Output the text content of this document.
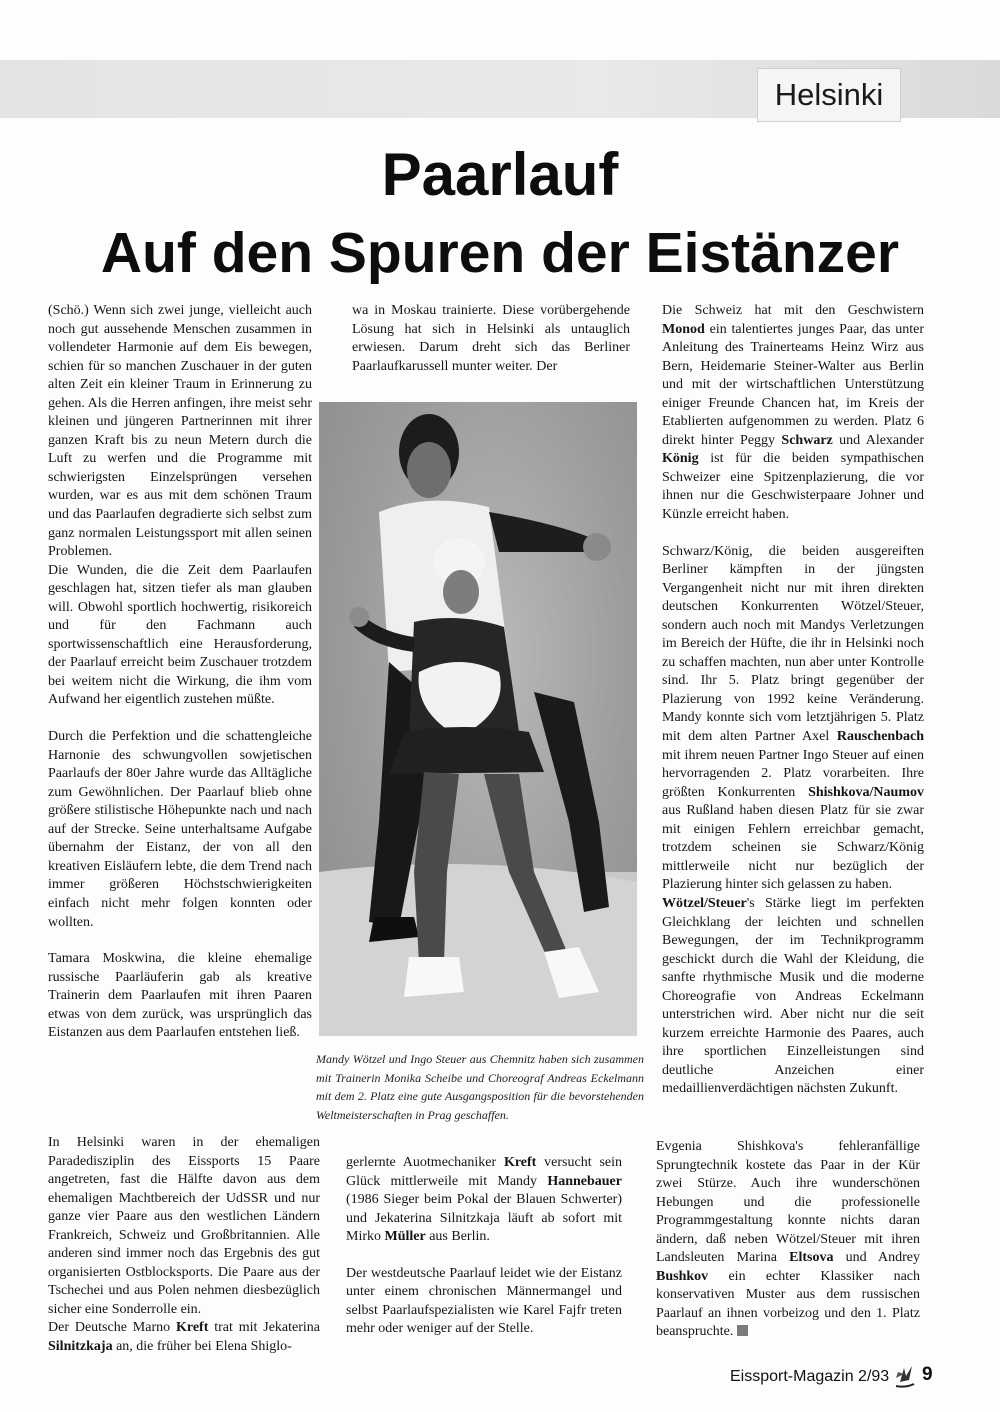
Helsinki
Paarlauf
Auf den Spuren der Eistänzer

(Schö.) Wenn sich zwei junge, vielleicht auch noch gut aussehende Menschen zusammen in vollendeter Harmonie auf dem Eis bewegen, schien für so manchen Zuschauer in der guten alten Zeit ein kleiner Traum in Erinnerung zu gehen. Als die Herren anfingen, ihre meist sehr kleinen und jüngeren Partnerinnen mit ihrer ganzen Kraft bis zu neun Metern durch die Luft zu werfen und die Programme mit schwierigsten Einzelsprüngen versehen wurden, war es aus mit dem schönen Traum und das Paarlaufen degradierte sich selbst zum ganz normalen Leistungssport mit allen seinen Problemen.

Die Wunden, die die Zeit dem Paarlaufen geschlagen hat, sitzen tiefer als man glauben will. Obwohl sportlich hochwertig, risikoreich und für den Fachmann auch sportwissenschaftlich eine Herausforderung, der Paarlauf erreicht beim Zuschauer trotzdem bei weitem nicht die Wirkung, die ihm vom Aufwand her eigentlich zustehen müßte.

Durch die Perfektion und die schattengleiche Harnonie des schwungvollen sowjetischen Paarlaufs der 80er Jahre wurde das Alltägliche zum Gewöhnlichen. Der Paarlauf blieb ohne größere stilistische Höhepunkte nach und nach auf der Strecke. Seine unterhaltsame Aufgabe übernahm der Eistanz, der von all den kreativen Eisläufern lebte, die dem Trend nach immer größeren Höchstschwierigkeiten einfach nicht mehr folgen konnten oder wollten.

Tamara Moskwina, die kleine ehemalige russische Paarläuferin gab als kreative Trainerin dem Paarlaufen mit ihren Paaren etwas von dem zurück, was ursprünglich das Eistanzen aus dem Paarlaufen entstehen ließ.

In Helsinki waren in der ehemaligen Paradedisziplin des Eissports 15 Paare angetreten, fast die Hälfte davon aus dem ehemaligen Machtbereich der UdSSR und nur ganze vier Paare aus den westlichen Ländern Frankreich, Schweiz und Großbritannien. Alle anderen sind immer noch das Ergebnis des gut organisierten Ostblocksports. Die Paare aus der Tschechei und aus Polen nehmen diesbezüglich sicher eine Sonderrolle ein.

Der Deutsche Marno Kreft trat mit Jekaterina Silnitzkaja an, die früher bei Elena Shiglo-

wa in Moskau trainierte. Diese vorübergehende Lösung hat sich in Helsinki als untauglich erwiesen. Darum dreht sich das Berliner Paarlaufkarussell munter weiter. Der

Mandy Wötzel und Ingo Steuer aus Chemnitz haben sich zusammen mit Trainerin Monika Scheibe und Choreograf Andreas Eckelmann mit dem 2. Platz eine gute Ausgangsposition für die bevorstehenden Weltmeisterschaften in Prag geschaffen.

gerlernte Auotmechaniker Kreft versucht sein Glück mittlerweile mit Mandy Hannebauer (1986 Sieger beim Pokal der Blauen Schwerter) und Jekaterina Silnitzkaja läuft ab sofort mit Mirko Müller aus Berlin.

Der westdeutsche Paarlauf leidet wie der Eistanz unter einem chronischen Männermangel und selbst Paarlaufspezialisten wie Karel Fajfr treten mehr oder weniger auf der Stelle.

Die Schweiz hat mit den Geschwistern Monod ein talentiertes junges Paar, das unter Anleitung des Trainerteams Heinz Wirz aus Bern, Heidemarie Steiner-Walter aus Berlin und mit der wirtschaftlichen Unterstützung einiger Freunde Chancen hat, im Kreis der Etablierten aufgenommen zu werden. Platz 6 direkt hinter Peggy Schwarz und Alexander König ist für die beiden sympathischen Schweizer eine Spitzenplazierung, die vor ihnen nur die Geschwisterpaare Johner und Künzle erreicht haben.

Schwarz/König, die beiden ausgereiften Berliner kämpften in der jüngsten Vergangenheit nicht nur mit ihren direkten deutschen Konkurrenten Wötzel/Steuer, sondern auch noch mit Mandys Verletzungen im Bereich der Hüfte, die ihr in Helsinki noch zu schaffen machten, nun aber unter Kontrolle sind. Ihr 5. Platz bringt gegenüber der Plazierung von 1992 keine Veränderung. Mandy konnte sich vom letztjährigen 5. Platz mit dem alten Partner Axel Rauschenbach mit ihrem neuen Partner Ingo Steuer auf einen hervorragenden 2. Platz vorarbeiten. Ihre größten Konkurrenten Shishkova/Naumov aus Rußland haben diesen Platz für sie zwar mit einigen Fehlern erreichbar gemacht, trotzdem scheinen sie Schwarz/König mittlerweile nicht nur bezüglich der Plazierung hinter sich gelassen zu haben.

Wötzel/Steuer's Stärke liegt im perfekten Gleichklang der leichten und schnellen Bewegungen, der im Technikprogramm geschickt durch die Wahl der Kleidung, die sanfte rhythmische Musik und die moderne Choreografie von Andreas Eckelmann unterstrichen wird. Aber nicht nur die seit kurzem erreichte Harmonie des Paares, auch ihre sportlichen Einzelleistungen sind deutliche Anzeichen einer medaillienverdächtigen nächsten Zukunft.

Evgenia Shishkova's fehleranfällige Sprungtechnik kostete das Paar in der Kür zwei Stürze. Auch ihre wunderschönen Hebungen und die professionelle Programmgestaltung konnte nichts daran ändern, daß neben Wötzel/Steuer mit ihren Landsleuten Marina Eltsova und Andrey Bushkov ein echter Klassiker nach konservativen Muster aus dem russischen Paarlauf an ihnen vorbeizog und den 1. Platz beanspruchte.

Eissport-Magazin 2/93 9
